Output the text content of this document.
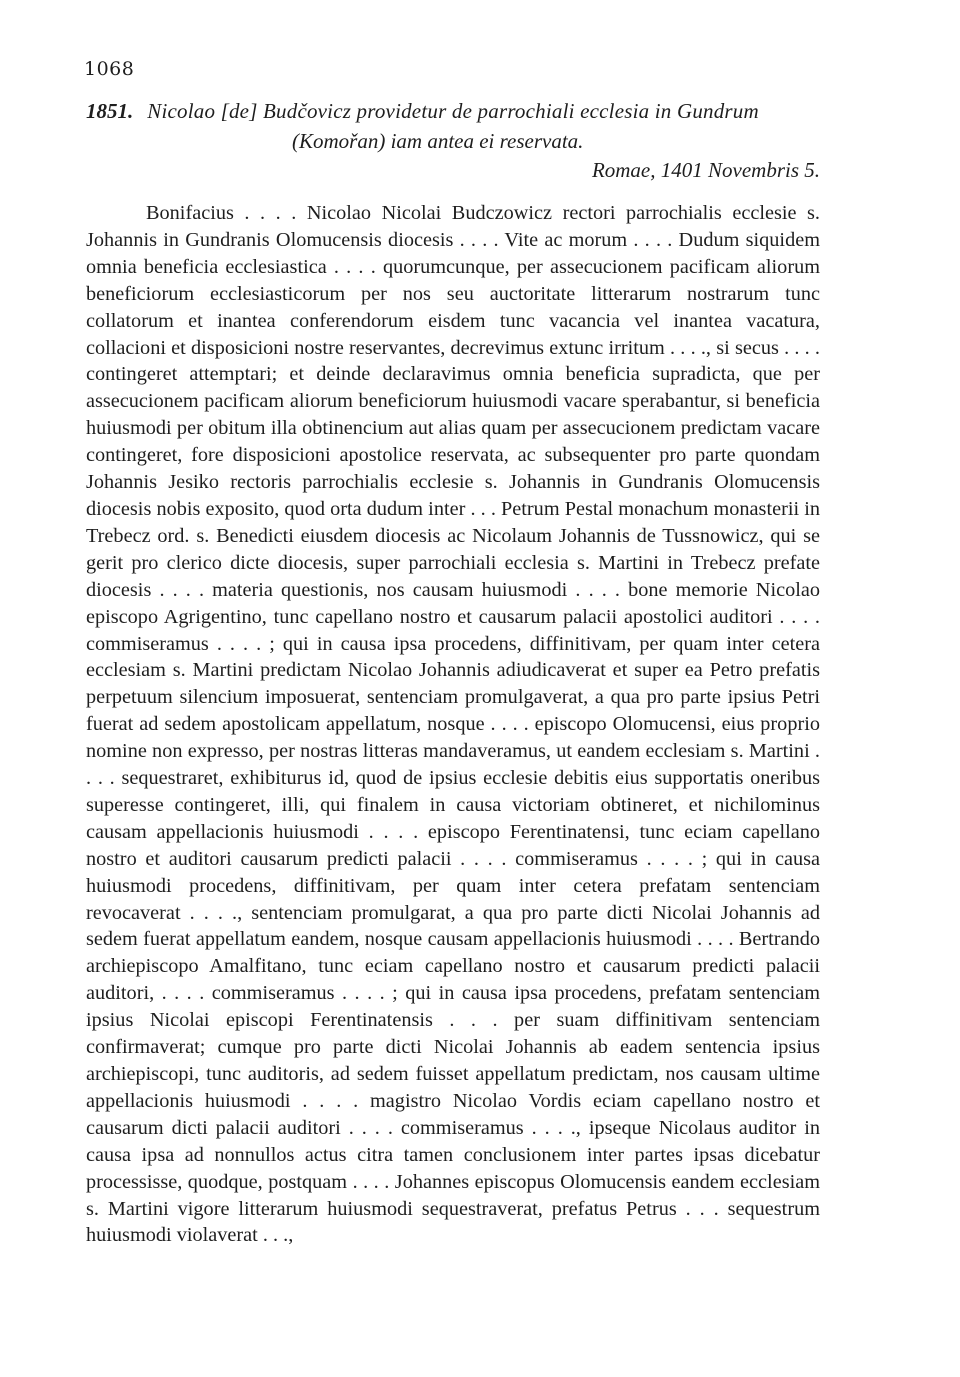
1068
1851. Nicolao [de] Budčovicz providetur de parrochiali ecclesia in Gundrum
(Komořan) iam antea ei reservata.
Romae, 1401 Novembris 5.

Bonifacius . . . . Nicolao Nicolai Budczowicz rectori parrochialis ecclesie s. Johannis in Gundranis Olomucensis diocesis . . . . Vite ac morum . . . . Dudum siquidem omnia beneficia ecclesiastica . . . . quorumcunque, per assecucionem pacificam aliorum beneficiorum ecclesiasticorum per nos seu auctoritate litterarum nostrarum tunc collatorum et inantea conferendorum eisdem tunc vacancia vel inantea vacatura, collacioni et disposicioni nostre reservantes, decrevimus extunc irritum . . . ., si secus . . . . contingeret attemptari; et deinde declaravimus omnia beneficia supradicta, que per assecucionem pacificam aliorum beneficiorum huiusmodi vacare sperabantur, si beneficia huiusmodi per obitum illa obtinencium aut alias quam per assecucionem predictam vacare contingeret, fore disposicioni apostolice reservata, ac subsequenter pro parte quondam Johannis Jesiko rectoris parrochialis ecclesie s. Johannis in Gundranis Olomucensis diocesis nobis exposito, quod orta dudum inter . . . Petrum Pestal monachum monasterii in Trebecz ord. s. Benedicti eiusdem diocesis ac Nicolaum Johannis de Tussnowicz, qui se gerit pro clerico dicte diocesis, super parrochiali ecclesia s. Martini in Trebecz prefate diocesis . . . . materia questionis, nos causam huiusmodi . . . . bone memorie Nicolao episcopo Agrigentino, tunc capellano nostro et causarum palacii apostolici auditori . . . . commiseramus . . . . ; qui in causa ipsa procedens, diffinitivam, per quam inter cetera ecclesiam s. Martini predictam Nicolao Johannis adiudicaverat et super ea Petro prefatis perpetuum silencium imposuerat, sentenciam promulgaverat, a qua pro parte ipsius Petri fuerat ad sedem apostolicam appellatum, nosque . . . . episcopo Olomucensi, eius proprio nomine non expresso, per nostras litteras mandaveramus, ut eandem ecclesiam s. Martini . . . . sequestraret, exhibiturus id, quod de ipsius ecclesie debitis eius supportatis oneribus superesse contingeret, illi, qui finalem in causa victoriam obtineret, et nichilominus causam appellacionis huiusmodi . . . . episcopo Ferentinatensi, tunc eciam capellano nostro et auditori causarum predicti palacii . . . . commiseramus . . . . ; qui in causa huiusmodi procedens, diffinitivam, per quam inter cetera prefatam sentenciam revocaverat . . . ., sentenciam promulgarat, a qua pro parte dicti Nicolai Johannis ad sedem fuerat appellatum eandem, nosque causam appellacionis huiusmodi . . . . Bertrando archiepiscopo Amalfitano, tunc eciam capellano nostro et causarum predicti palacii auditori, . . . . commiseramus . . . . ; qui in causa ipsa procedens, prefatam sentenciam ipsius Nicolai episcopi Ferentinatensis . . . per suam diffinitivam sentenciam confirmaverat; cumque pro parte dicti Nicolai Johannis ab eadem sentencia ipsius archiepiscopi, tunc auditoris, ad sedem fuisset appellatum predictam, nos causam ultime appellacionis huiusmodi . . . . magistro Nicolao Vordis eciam capellano nostro et causarum dicti palacii auditori . . . . commiseramus . . . ., ipseque Nicolaus auditor in causa ipsa ad nonnullos actus citra tamen conclusionem inter partes ipsas dicebatur processisse, quodque, postquam . . . . Johannes episcopus Olomucensis eandem ecclesiam s. Martini vigore litterarum huiusmodi sequestraverat, prefatus Petrus . . . sequestrum huiusmodi violaverat . . .,
